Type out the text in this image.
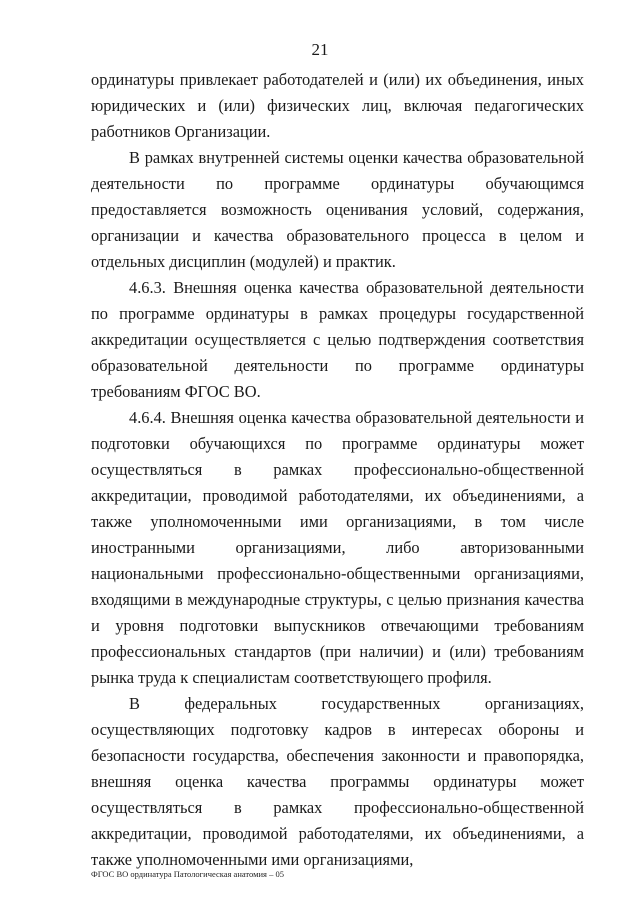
21

ординатуры привлекает работодателей и (или) их объединения, иных юридических и (или) физических лиц, включая педагогических работников Организации.

В рамках внутренней системы оценки качества образовательной деятельности по программе ординатуры обучающимся предоставляется возможность оценивания условий, содержания, организации и качества образовательного процесса в целом и отдельных дисциплин (модулей) и практик.

4.6.3. Внешняя оценка качества образовательной деятельности по программе ординатуры в рамках процедуры государственной аккредитации осуществляется с целью подтверждения соответствия образовательной деятельности по программе ординатуры требованиям ФГОС ВО.

4.6.4. Внешняя оценка качества образовательной деятельности и подготовки обучающихся по программе ординатуры может осуществляться в рамках профессионально-общественной аккредитации, проводимой работодателями, их объединениями, а также уполномоченными ими организациями, в том числе иностранными организациями, либо авторизованными национальными профессионально-общественными организациями, входящими в международные структуры, с целью признания качества и уровня подготовки выпускников отвечающими требованиям профессиональных стандартов (при наличии) и (или) требованиям рынка труда к специалистам соответствующего профиля.

В федеральных государственных организациях, осуществляющих подготовку кадров в интересах обороны и безопасности государства, обеспечения законности и правопорядка, внешняя оценка качества программы ординатуры может осуществляться в рамках профессионально-общественной аккредитации, проводимой работодателями, их объединениями, а также уполномоченными ими организациями,

ФГОС ВО ординатура Патологическая анатомия – 05
